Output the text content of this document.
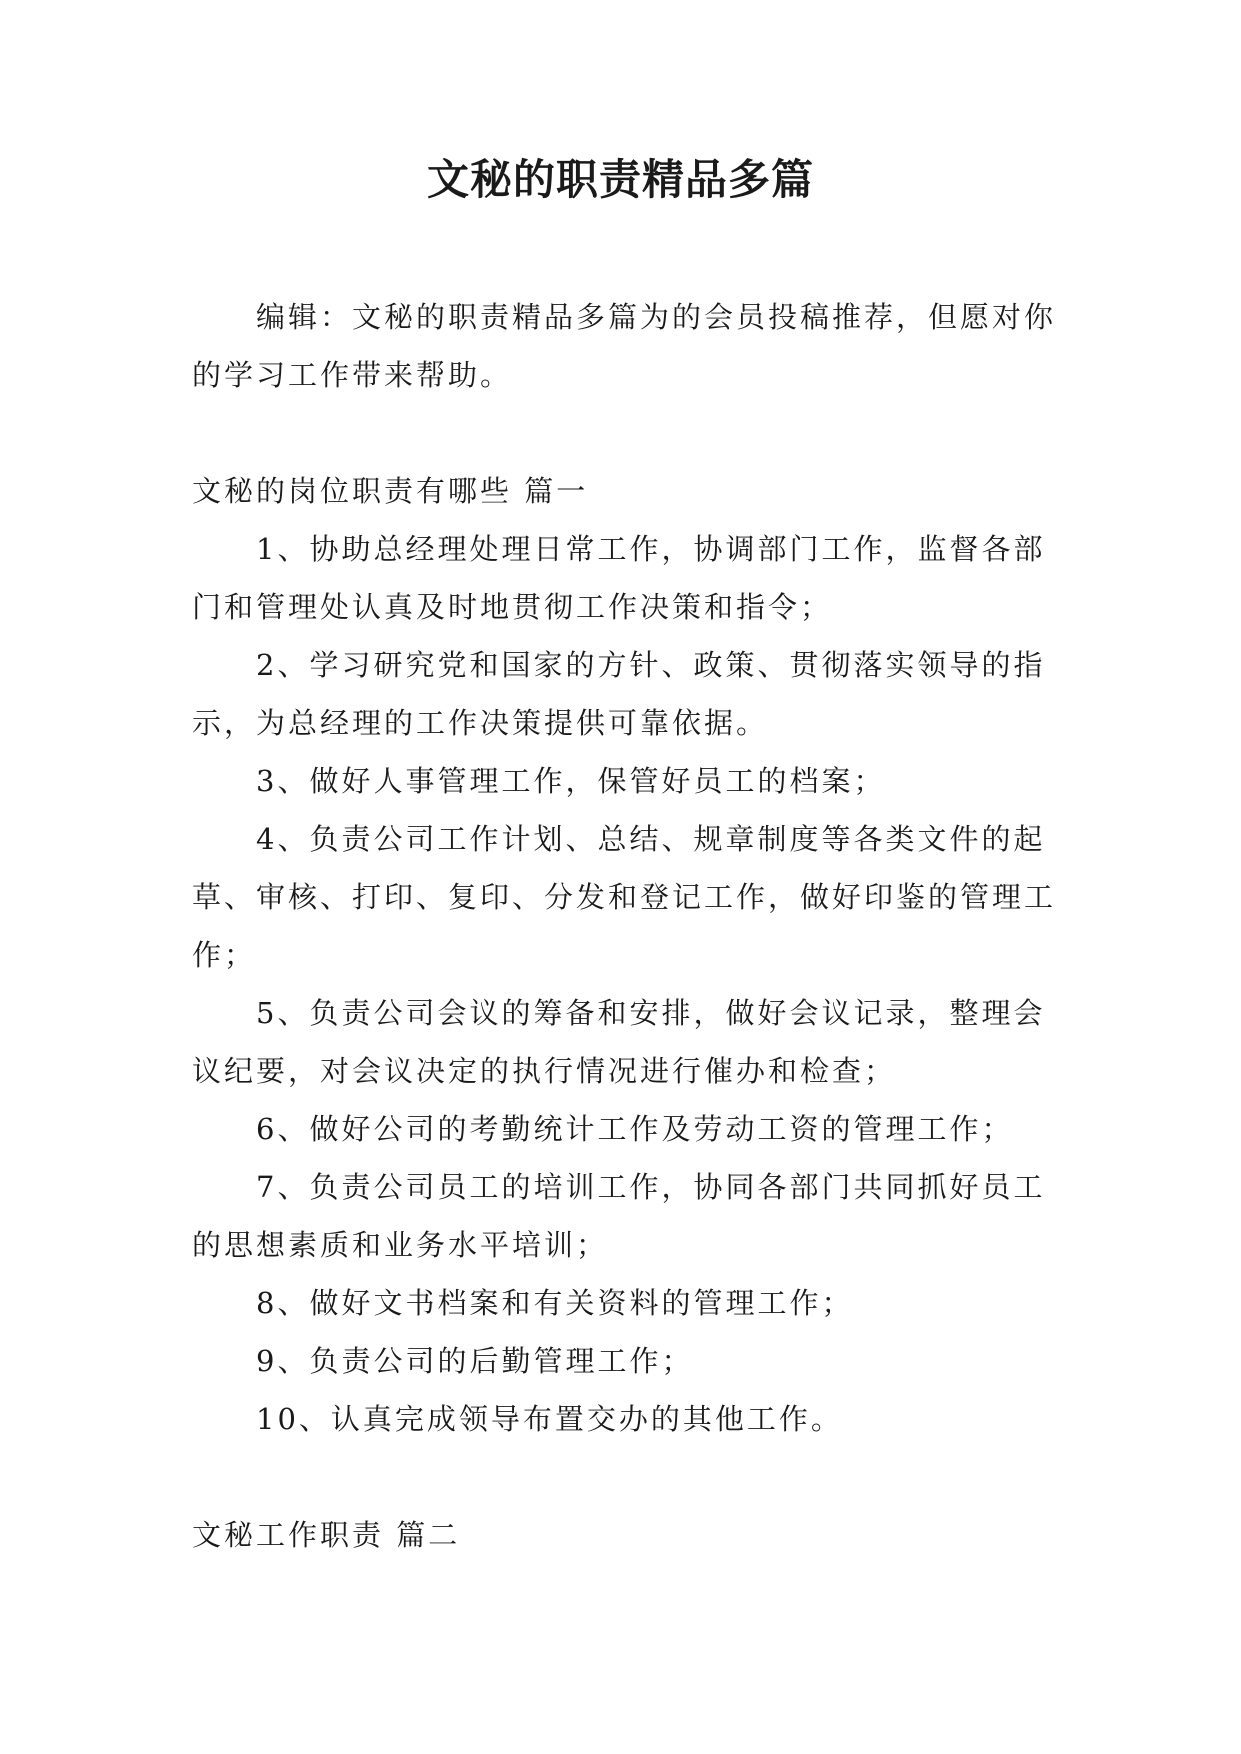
文秘的职责精品多篇

编辑：文秘的职责精品多篇为的会员投稿推荐，但愿对你的学习工作带来帮助。

文秘的岗位职责有哪些 篇一

1、协助总经理处理日常工作，协调部门工作，监督各部门和管理处认真及时地贯彻工作决策和指令；

2、学习研究党和国家的方针、政策、贯彻落实领导的指示，为总经理的工作决策提供可靠依据。

3、做好人事管理工作，保管好员工的档案；

4、负责公司工作计划、总结、规章制度等各类文件的起草、审核、打印、复印、分发和登记工作，做好印鉴的管理工作；

5、负责公司会议的筹备和安排，做好会议记录，整理会议纪要，对会议决定的执行情况进行催办和检查；

6、做好公司的考勤统计工作及劳动工资的管理工作；

7、负责公司员工的培训工作，协同各部门共同抓好员工的思想素质和业务水平培训；

8、做好文书档案和有关资料的管理工作；

9、负责公司的后勤管理工作；

10、认真完成领导布置交办的其他工作。

文秘工作职责 篇二
